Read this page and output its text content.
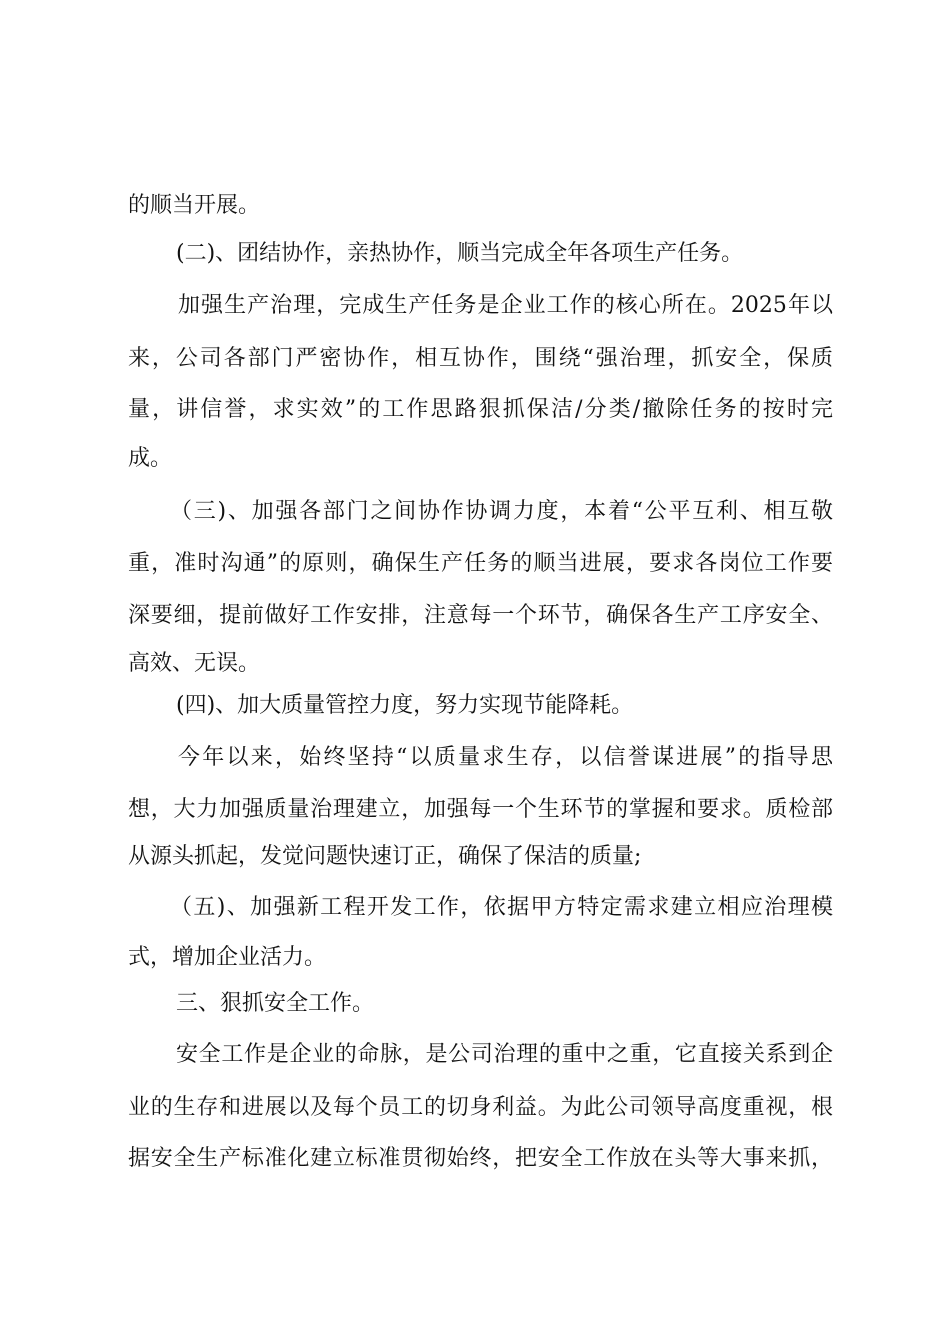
的顺当开展。
(二)、团结协作，亲热协作，顺当完成全年各项生产任务。
加强生产治理，完成生产任务是企业工作的核心所在。2025年以
来，公司各部门严密协作，相互协作，围绕“强治理，抓安全，保质
量，讲信誉，求实效”的工作思路狠抓保洁/分类/撤除任务的按时完
成。
（三)、加强各部门之间协作协调力度，本着“公平互利、相互敬
重，准时沟通”的原则，确保生产任务的顺当进展，要求各岗位工作要
深要细，提前做好工作安排，注意每一个环节，确保各生产工序安全、
高效、无误。
(四)、加大质量管控力度，努力实现节能降耗。
今年以来，始终坚持“以质量求生存，以信誉谋进展”的指导思
想，大力加强质量治理建立，加强每一个生环节的掌握和要求。质检部
从源头抓起，发觉问题快速订正，确保了保洁的质量;
（五)、加强新工程开发工作，依据甲方特定需求建立相应治理模
式，增加企业活力。
三、狠抓安全工作。
安全工作是企业的命脉，是公司治理的重中之重，它直接关系到企
业的生存和进展以及每个员工的切身利益。为此公司领导高度重视，根
据安全生产标准化建立标准贯彻始终，把安全工作放在头等大事来抓，
